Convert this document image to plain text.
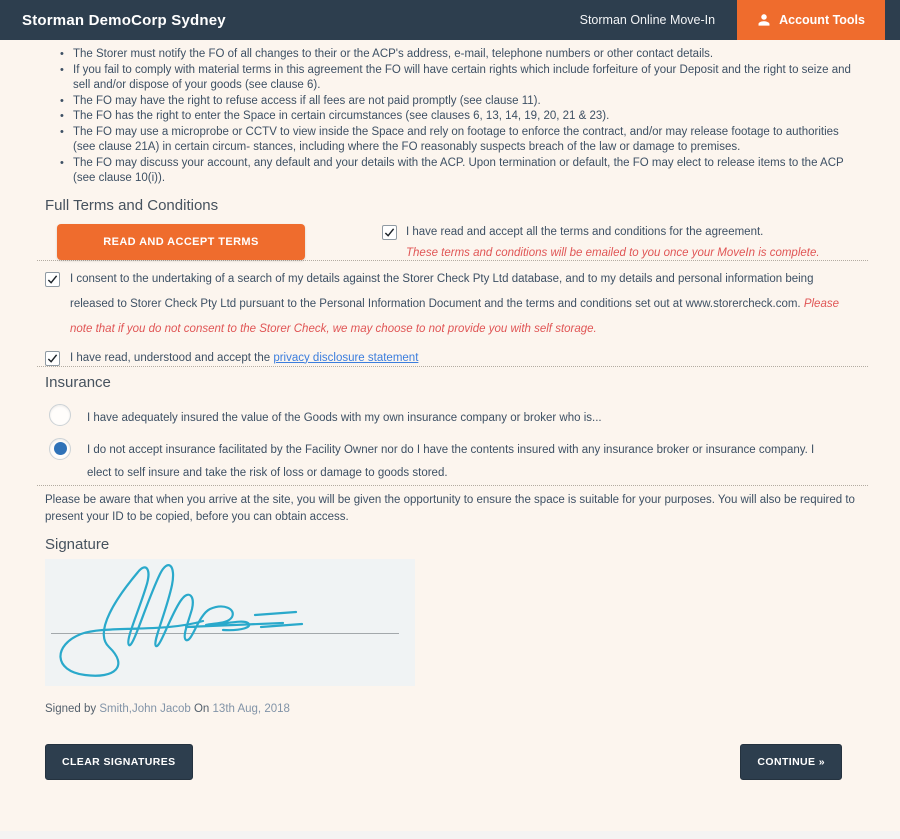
Storman DemoCorp Sydney	Storman Online Move-In	Account Tools
• The Storer must notify the FO of all changes to their or the ACP's address, e-mail, telephone numbers or other contact details.
• If you fail to comply with material terms in this agreement the FO will have certain rights which include forfeiture of your Deposit and the right to seize and sell and/or dispose of your goods (see clause 6).
• The FO may have the right to refuse access if all fees are not paid promptly (see clause 11).
• The FO has the right to enter the Space in certain circumstances (see clauses 6, 13, 14, 19, 20, 21 & 23).
• The FO may use a microprobe or CCTV to view inside the Space and rely on footage to enforce the contract, and/or may release footage to authorities (see clause 21A) in certain circum- stances, including where the FO reasonably suspects breach of the law or damage to premises.
• The FO may discuss your account, any default and your details with the ACP. Upon termination or default, the FO may elect to release items to the ACP (see clause 10(i)).
Full Terms and Conditions
READ AND ACCEPT TERMS
I have read and accept all the terms and conditions for the agreement.
These terms and conditions will be emailed to you once your MoveIn is complete.
I consent to the undertaking of a search of my details against the Storer Check Pty Ltd database, and to my details and personal information being released to Storer Check Pty Ltd pursuant to the Personal Information Document and the terms and conditions set out at www.storercheck.com. Please note that if you do not consent to the Storer Check, we may choose to not provide you with self storage.
I have read, understood and accept the privacy disclosure statement
Insurance
I have adequately insured the value of the Goods with my own insurance company or broker who is...
I do not accept insurance facilitated by the Facility Owner nor do I have the contents insured with any insurance broker or insurance company. I elect to self insure and take the risk of loss or damage to goods stored.

Please be aware that when you arrive at the site, you will be given the opportunity to ensure the space is suitable for your purposes. You will also be required to present your ID to be copied, before you can obtain access.

Signature

Signed by Smith,John Jacob On 13th Aug, 2018

CLEAR SIGNATURES	CONTINUE »
